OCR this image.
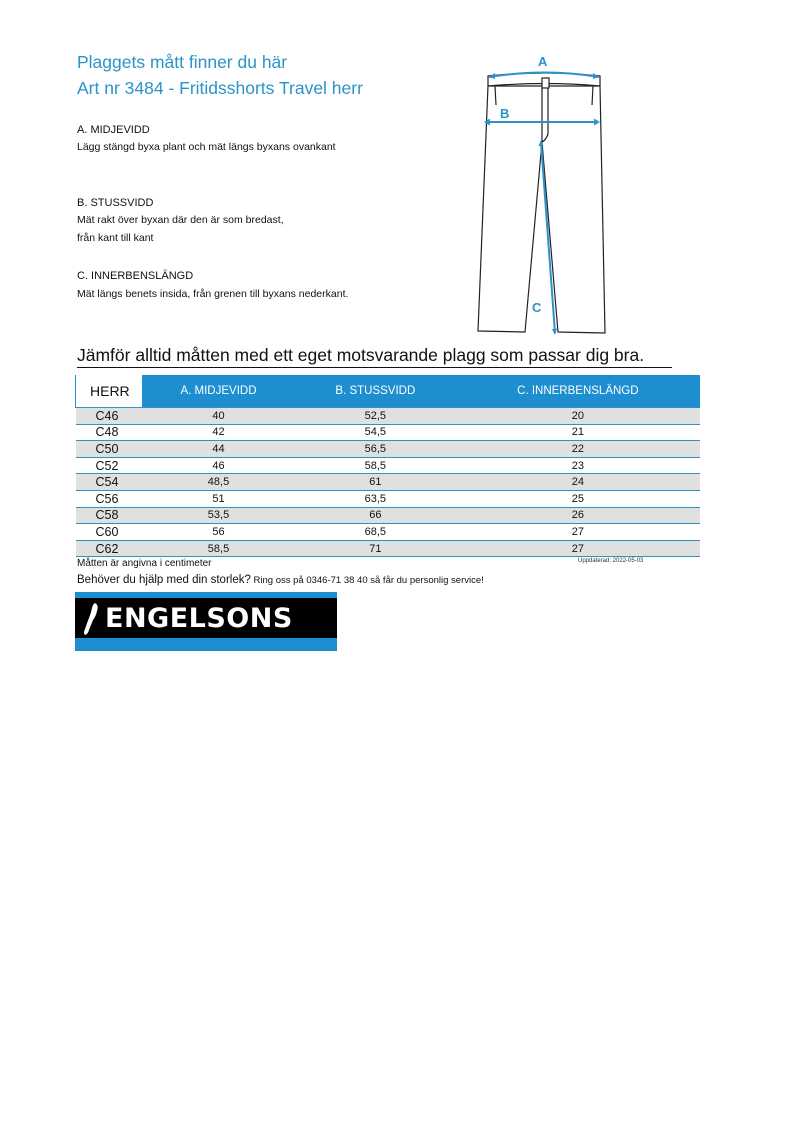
Plaggets mått finner du här
Art nr 3484 - Fritidsshorts Travel herr
A. MIDJEVIDD
Lägg stängd byxa plant och mät längs byxans ovankant
B. STUSSVIDD
Mät rakt över byxan där den är som bredast,
från kant till kant
C. INNERBENSLÄNGD
Mät längs benets insida, från grenen till byxans nederkant.
A
B
C
Jämför alltid måtten med ett eget motsvarande plagg som passar dig bra.
HERR	A. MIDJEVIDD	B. STUSSVIDD	C. INNERBENSLÄNGD
C46	40	52,5	20
C48	42	54,5	21
C50	44	56,5	22
C52	46	58,5	23
C54	48,5	61	24
C56	51	63,5	25
C58	53,5	66	26
C60	56	68,5	27
C62	58,5	71	27
Måtten är angivna i centimeter	Uppdaterad: 2022-05-03
Behöver du hjälp med din storlek? Ring oss på 0346-71 38 40 så får du personlig service!
ENGELSONS
